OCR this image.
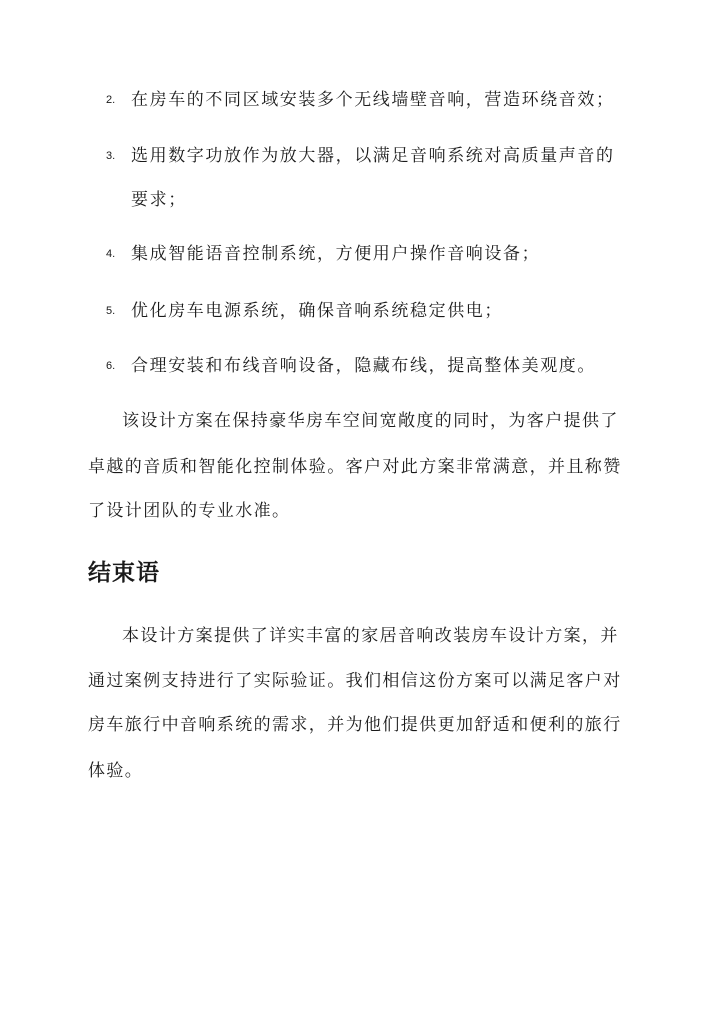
2. 在房车的不同区域安装多个无线墙壁音响，营造环绕音效；
3. 选用数字功放作为放大器，以满足音响系统对高质量声音的
要求；
4. 集成智能语音控制系统，方便用户操作音响设备；
5. 优化房车电源系统，确保音响系统稳定供电；
6. 合理安装和布线音响设备，隐藏布线，提高整体美观度。
该设计方案在保持豪华房车空间宽敞度的同时，为客户提供了
卓越的音质和智能化控制体验。客户对此方案非常满意，并且称赞
了设计团队的专业水准。
结束语
本设计方案提供了详实丰富的家居音响改装房车设计方案，并
通过案例支持进行了实际验证。我们相信这份方案可以满足客户对
房车旅行中音响系统的需求，并为他们提供更加舒适和便利的旅行
体验。
